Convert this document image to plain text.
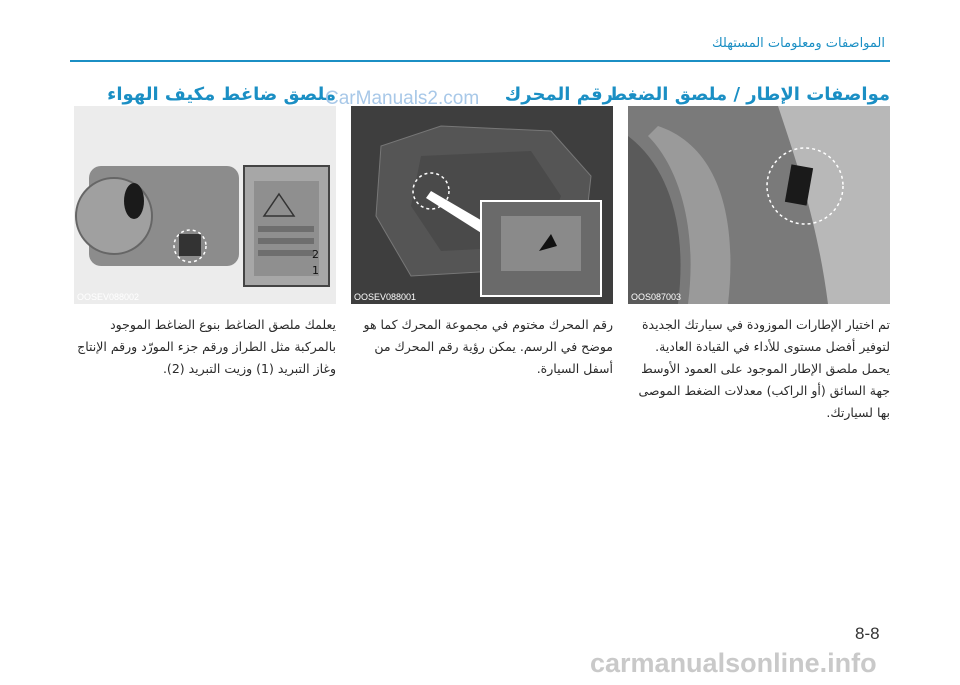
المواصفات ومعلومات المستهلك
مواصفات الإطار / ملصق الضغط
OOS087003
تم اختيار الإطارات الموزودة في سيارتك الجديدة لتوفير أفضل مستوى للأداء في القيادة العادية. يحمل ملصق الإطار الموجود على العمود الأوسط جهة السائق (أو الراكب) معدلات الضغط الموصى بها لسيارتك.
رقم المحرك
OOSEV088001
رقم المحرك مختوم في مجموعة المحرك كما هو موضح في الرسم. يمكن رؤية رقم المحرك من أسفل السيارة.
ملصق ضاغط مكيف الهواء
2
1
OOSEV088002
يعلمك ملصق الضاغط بنوع الضاغط الموجود بالمركبة مثل الطراز ورقم جزء المورّد ورقم الإنتاج وغاز التبريد (1) وزيت التبريد (2).
CarManuals2.com
8-8
carmanualsonline.info
